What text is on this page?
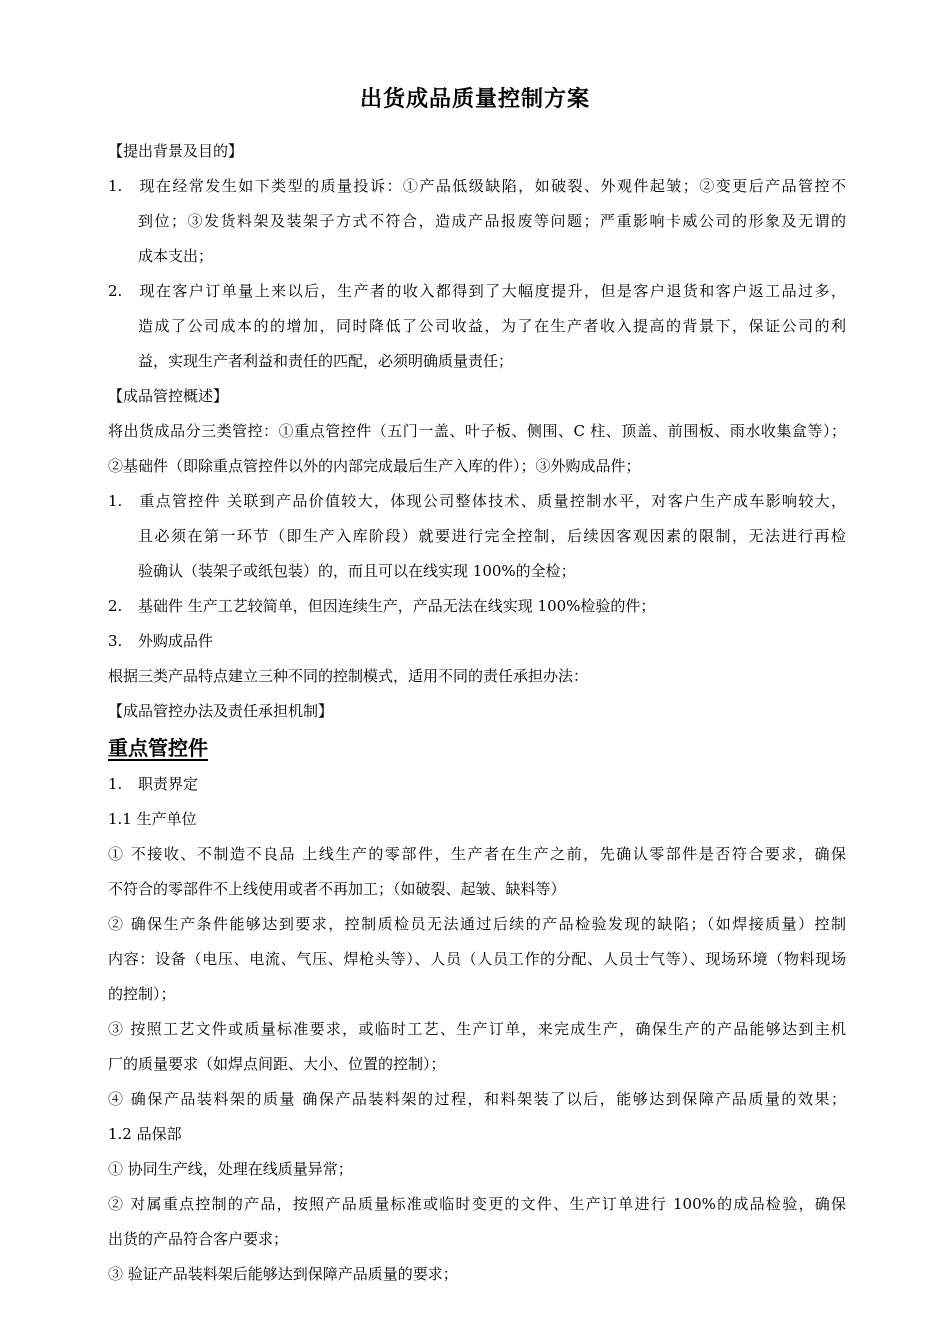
出货成品质量控制方案
【提出背景及目的】
1. 现在经常发生如下类型的质量投诉：①产品低级缺陷，如破裂、外观件起皱；②变更后产品管控不
到位；③发货料架及装架子方式不符合，造成产品报废等问题；严重影响卡威公司的形象及无谓的
成本支出；
2. 现在客户订单量上来以后，生产者的收入都得到了大幅度提升，但是客户退货和客户返工品过多，
造成了公司成本的的增加，同时降低了公司收益，为了在生产者收入提高的背景下，保证公司的利
益，实现生产者利益和责任的匹配，必须明确质量责任；
【成品管控概述】
将出货成品分三类管控：①重点管控件（五门一盖、叶子板、侧围、C 柱、顶盖、前围板、雨水收集盒等）；
②基础件（即除重点管控件以外的内部完成最后生产入库的件）；③外购成品件；
1. 重点管控件 关联到产品价值较大，体现公司整体技术、质量控制水平，对客户生产成车影响较大，
且必须在第一环节（即生产入库阶段）就要进行完全控制，后续因客观因素的限制，无法进行再检
验确认（装架子或纸包装）的，而且可以在线实现 100%的全检；
2. 基础件 生产工艺较简单，但因连续生产，产品无法在线实现 100%检验的件；
3. 外购成品件
根据三类产品特点建立三种不同的控制模式，适用不同的责任承担办法：
【成品管控办法及责任承担机制】
重点管控件
1. 职责界定
1.1 生产单位
① 不接收、不制造不良品 上线生产的零部件，生产者在生产之前，先确认零部件是否符合要求，确保
不符合的零部件不上线使用或者不再加工；（如破裂、起皱、缺料等）
② 确保生产条件能够达到要求，控制质检员无法通过后续的产品检验发现的缺陷；（如焊接质量）控制
内容：设备（电压、电流、气压、焊枪头等）、人员（人员工作的分配、人员士气等）、现场环境（物料现场
的控制）；
③ 按照工艺文件或质量标准要求，或临时工艺、生产订单，来完成生产，确保生产的产品能够达到主机
厂的质量要求（如焊点间距、大小、位置的控制）；
④ 确保产品装料架的质量 确保产品装料架的过程，和料架装了以后，能够达到保障产品质量的效果；
1.2 品保部
① 协同生产线，处理在线质量异常；
② 对属重点控制的产品，按照产品质量标准或临时变更的文件、生产订单进行 100%的成品检验，确保
出货的产品符合客户要求；
③ 验证产品装料架后能够达到保障产品质量的要求；
